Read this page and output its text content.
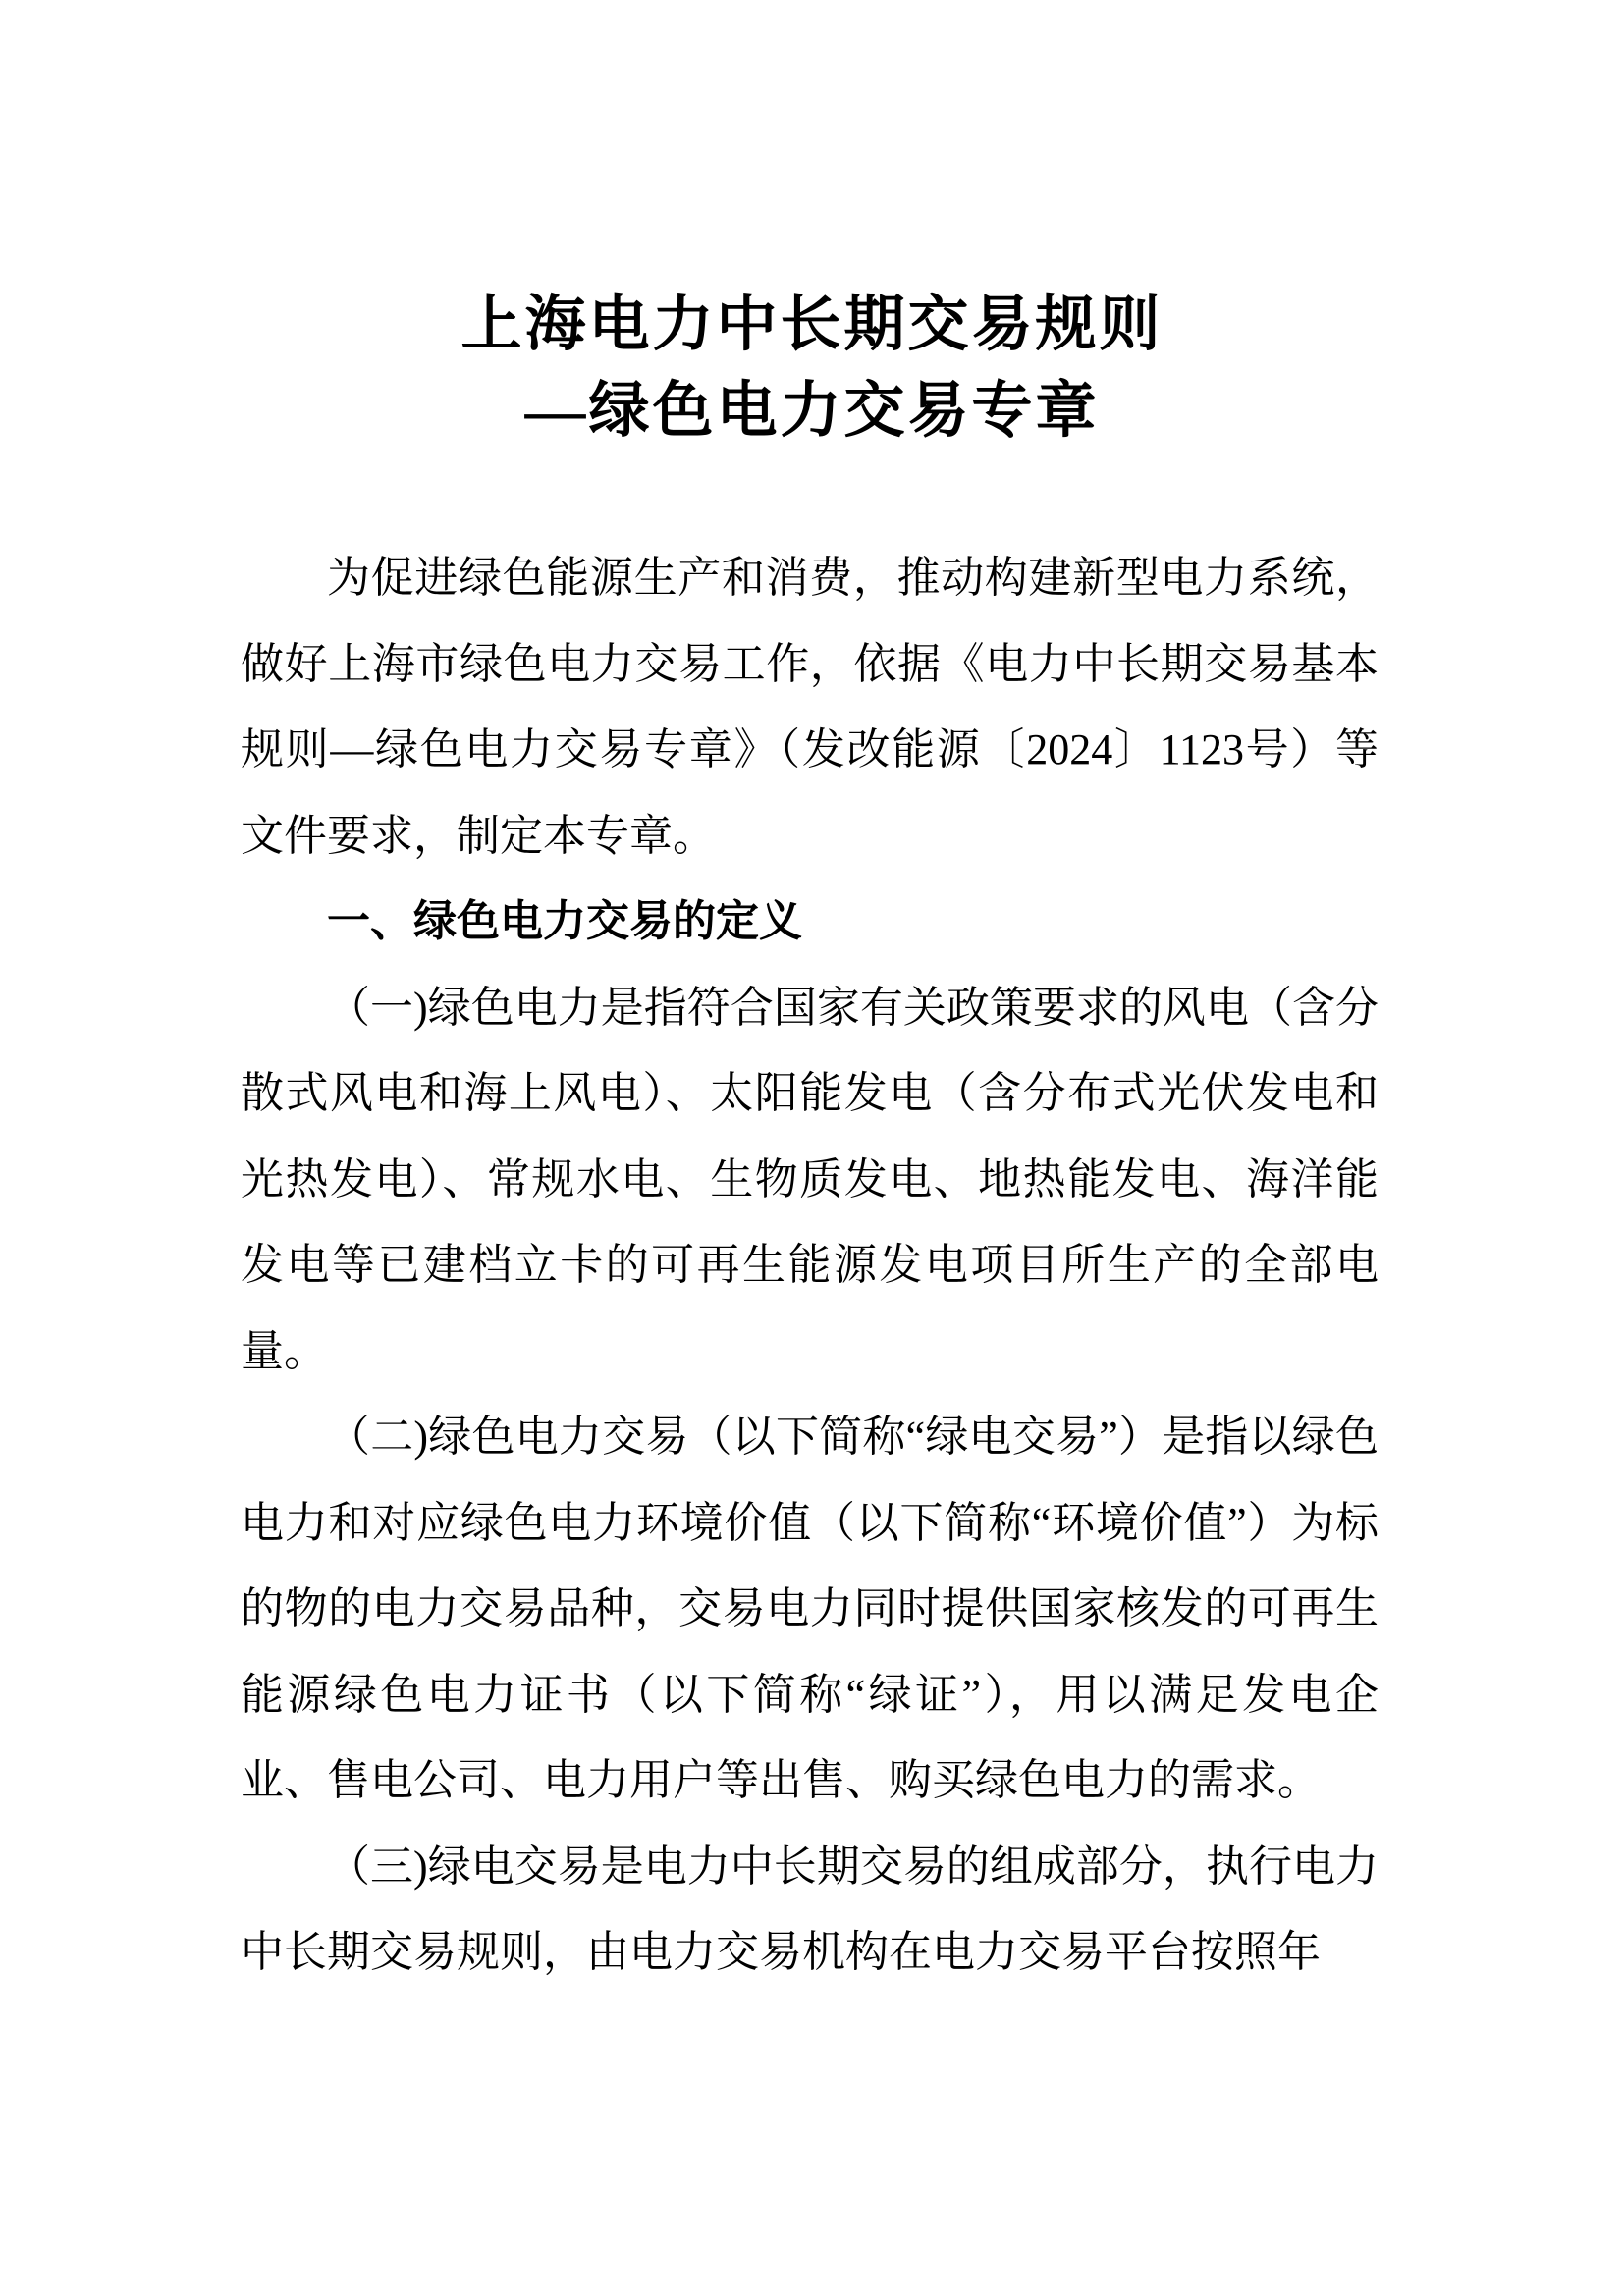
上海电力中长期交易规则
—绿色电力交易专章

为促进绿色能源生产和消费，推动构建新型电力系统，做好上海市绿色电力交易工作，依据《电力中长期交易基本规则—绿色电力交易专章》（发改能源〔2024〕1123号）等文件要求，制定本专章。

一、绿色电力交易的定义

（一)绿色电力是指符合国家有关政策要求的风电（含分散式风电和海上风电）、太阳能发电（含分布式光伏发电和光热发电）、常规水电、生物质发电、地热能发电、海洋能发电等已建档立卡的可再生能源发电项目所生产的全部电量。

（二)绿色电力交易（以下简称“绿电交易”）是指以绿色电力和对应绿色电力环境价值（以下简称“环境价值”）为标的物的电力交易品种，交易电力同时提供国家核发的可再生能源绿色电力证书（以下简称“绿证”），用以满足发电企业、售电公司、电力用户等出售、购买绿色电力的需求。

（三)绿电交易是电力中长期交易的组成部分，执行电力中长期交易规则，由电力交易机构在电力交易平台按照年
